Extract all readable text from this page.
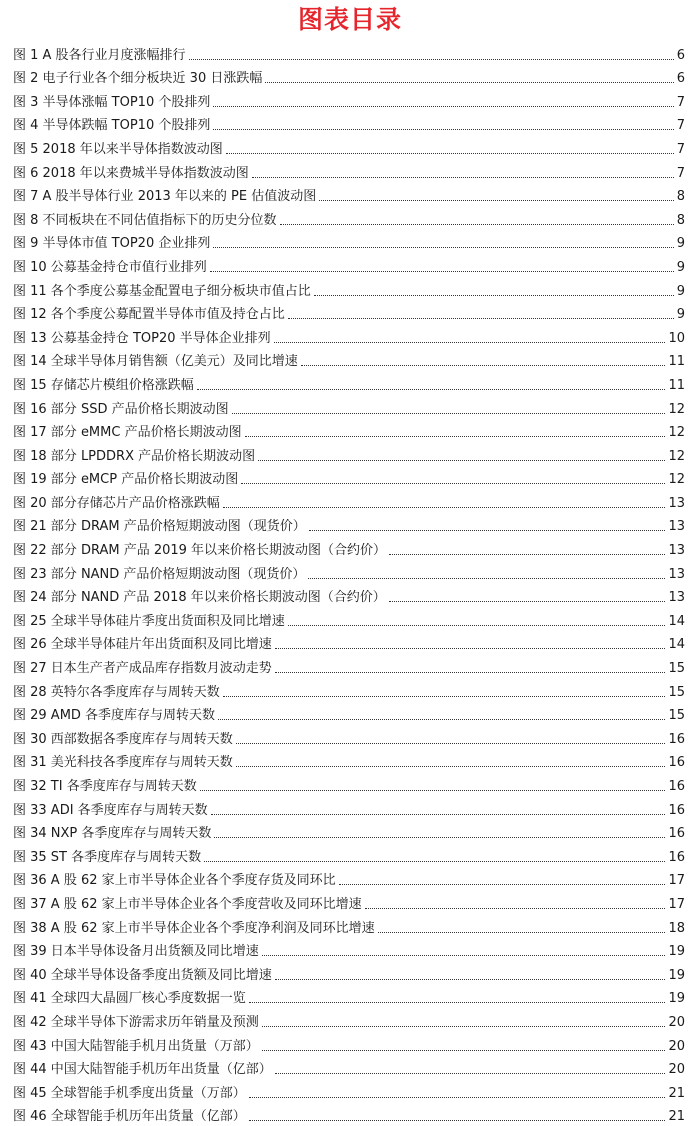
图表目录
图 1 A 股各行业月度涨幅排行	6
图 2 电子行业各个细分板块近 30 日涨跌幅	6
图 3 半导体涨幅 TOP10 个股排列	7
图 4 半导体跌幅 TOP10 个股排列	7
图 5 2018 年以来半导体指数波动图	7
图 6 2018 年以来费城半导体指数波动图	7
图 7 A 股半导体行业 2013 年以来的 PE 估值波动图	8
图 8 不同板块在不同估值指标下的历史分位数	8
图 9 半导体市值 TOP20 企业排列	9
图 10 公募基金持仓市值行业排列	9
图 11 各个季度公募基金配置电子细分板块市值占比	9
图 12 各个季度公募配置半导体市值及持仓占比	9
图 13 公募基金持仓 TOP20 半导体企业排列	10
图 14 全球半导体月销售额（亿美元）及同比增速	11
图 15 存储芯片模组价格涨跌幅	11
图 16 部分 SSD 产品价格长期波动图	12
图 17 部分 eMMC 产品价格长期波动图	12
图 18 部分 LPDDRX 产品价格长期波动图	12
图 19 部分 eMCP 产品价格长期波动图	12
图 20 部分存储芯片产品价格涨跌幅	13
图 21 部分 DRAM 产品价格短期波动图（现货价）	13
图 22 部分 DRAM 产品 2019 年以来价格长期波动图（合约价）	13
图 23 部分 NAND 产品价格短期波动图（现货价）	13
图 24 部分 NAND 产品 2018 年以来价格长期波动图（合约价）	13
图 25 全球半导体硅片季度出货面积及同比增速	14
图 26 全球半导体硅片年出货面积及同比增速	14
图 27 日本生产者产成品库存指数月波动走势	15
图 28 英特尔各季度库存与周转天数	15
图 29 AMD 各季度库存与周转天数	15
图 30 西部数据各季度库存与周转天数	16
图 31 美光科技各季度库存与周转天数	16
图 32 TI 各季度库存与周转天数	16
图 33 ADI 各季度库存与周转天数	16
图 34 NXP 各季度库存与周转天数	16
图 35 ST 各季度库存与周转天数	16
图 36 A 股 62 家上市半导体企业各个季度存货及同环比	17
图 37 A 股 62 家上市半导体企业各个季度营收及同环比增速	17
图 38 A 股 62 家上市半导体企业各个季度净利润及同环比增速	18
图 39 日本半导体设备月出货额及同比增速	19
图 40 全球半导体设备季度出货额及同比增速	19
图 41 全球四大晶圆厂核心季度数据一览	19
图 42 全球半导体下游需求历年销量及预测	20
图 43 中国大陆智能手机月出货量（万部）	20
图 44 中国大陆智能手机历年出货量（亿部）	20
图 45 全球智能手机季度出货量（万部）	21
图 46 全球智能手机历年出货量（亿部）	21
